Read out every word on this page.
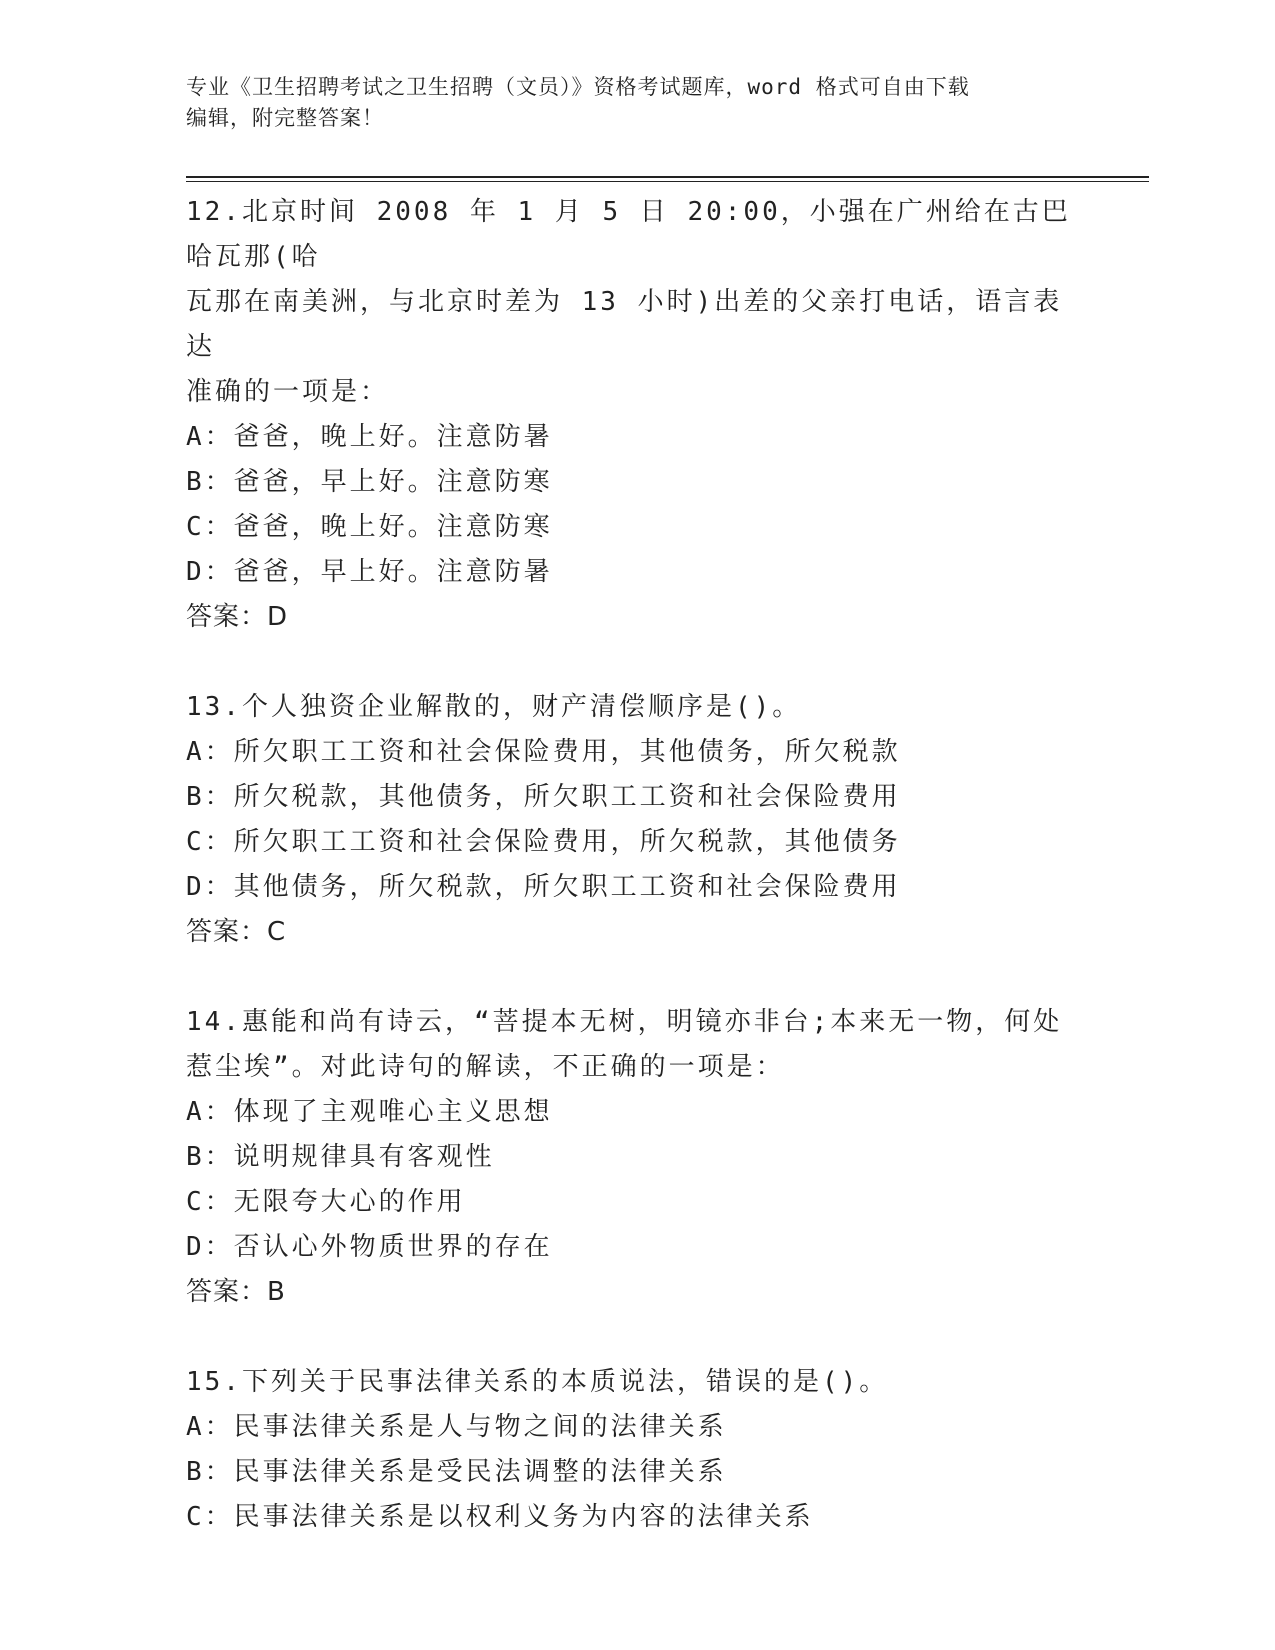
专业《卫生招聘考试之卫生招聘（文员）》资格考试题库，word 格式可自由下载
编辑，附完整答案！
12.北京时间 2008 年 1 月 5 日 20:00，小强在广州给在古巴哈瓦那(哈
瓦那在南美洲，与北京时差为 13 小时)出差的父亲打电话，语言表达
准确的一项是：
A：爸爸，晚上好。注意防暑
B：爸爸，早上好。注意防寒
C：爸爸，晚上好。注意防寒
D：爸爸，早上好。注意防暑
答案：D
13.个人独资企业解散的，财产清偿顺序是()。
A：所欠职工工资和社会保险费用，其他债务，所欠税款
B：所欠税款，其他债务，所欠职工工资和社会保险费用
C：所欠职工工资和社会保险费用，所欠税款，其他债务
D：其他债务，所欠税款，所欠职工工资和社会保险费用
答案：C
14.惠能和尚有诗云，“菩提本无树，明镜亦非台;本来无一物，何处
惹尘埃”。对此诗句的解读，不正确的一项是：
A：体现了主观唯心主义思想
B：说明规律具有客观性
C：无限夸大心的作用
D：否认心外物质世界的存在
答案：B
15.下列关于民事法律关系的本质说法，错误的是()。
A：民事法律关系是人与物之间的法律关系
B：民事法律关系是受民法调整的法律关系
C：民事法律关系是以权利义务为内容的法律关系
